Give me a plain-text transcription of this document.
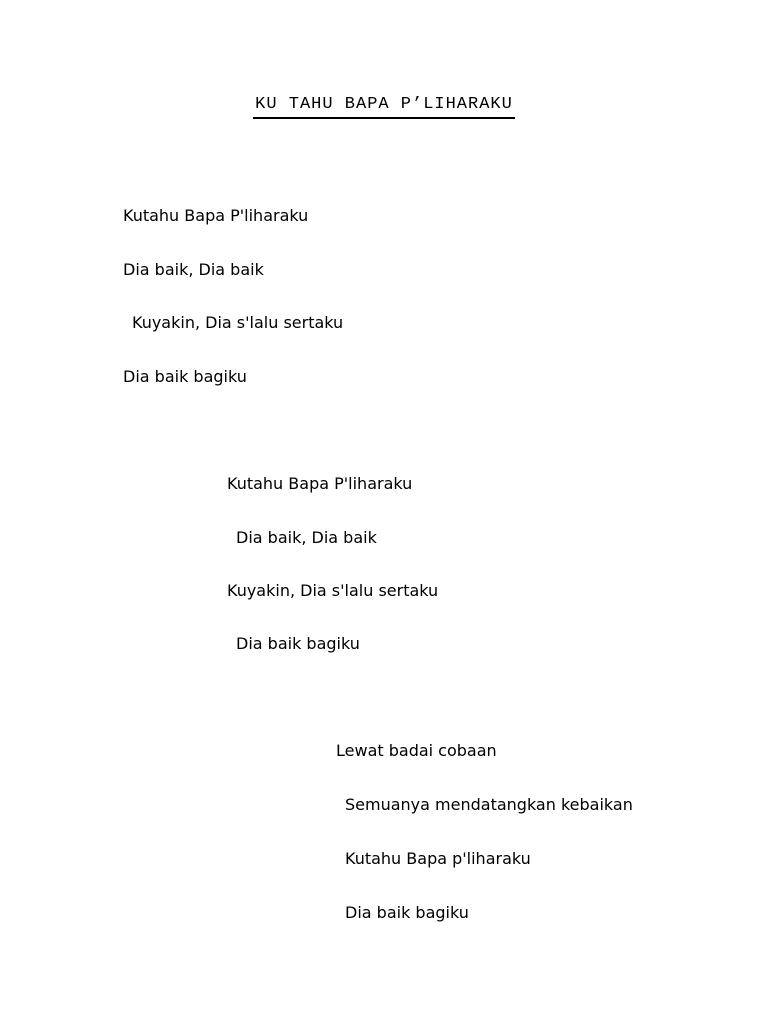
KU TAHU BAPA P’LIHARAKU
Kutahu Bapa P'liharaku
Dia baik, Dia baik
Kuyakin, Dia s'lalu sertaku
Dia baik bagiku
Kutahu Bapa P'liharaku
Dia baik, Dia baik
Kuyakin, Dia s'lalu sertaku
Dia baik bagiku
Lewat badai cobaan
Semuanya mendatangkan kebaikan
Kutahu Bapa p'liharaku
Dia baik bagiku
